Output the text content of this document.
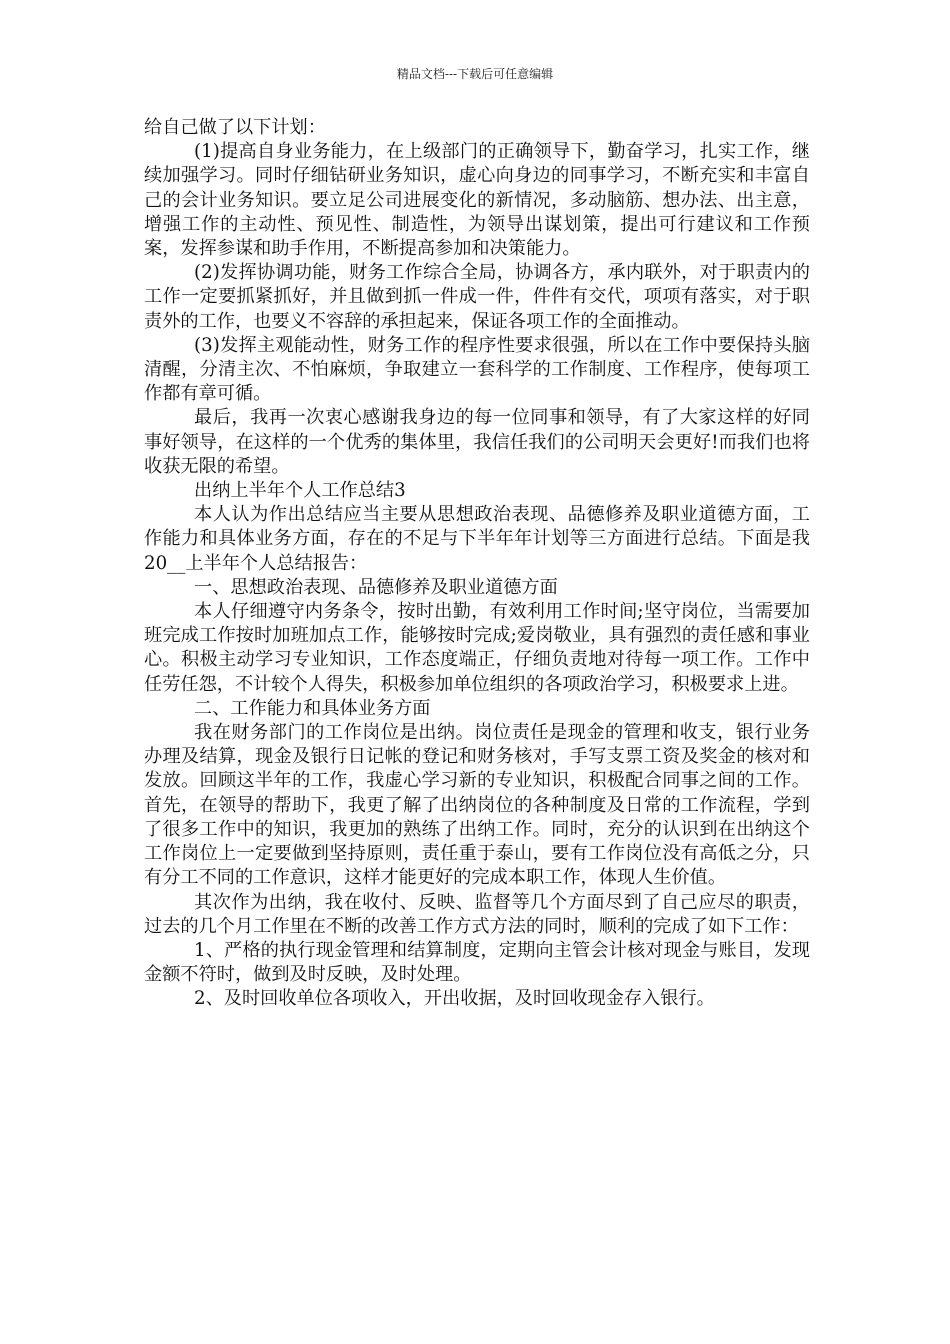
精品文档---下载后可任意编辑

给自己做了以下计划：

(1)提高自身业务能力，在上级部门的正确领导下，勤奋学习，扎实工作，继续加强学习。同时仔细钻研业务知识，虚心向身边的同事学习，不断充实和丰富自己的会计业务知识。要立足公司进展变化的新情况，多动脑筋、想办法、出主意，增强工作的主动性、预见性、制造性，为领导出谋划策，提出可行建议和工作预案，发挥参谋和助手作用，不断提高参加和决策能力。

(2)发挥协调功能，财务工作综合全局，协调各方，承内联外，对于职责内的工作一定要抓紧抓好，并且做到抓一件成一件，件件有交代，项项有落实，对于职责外的工作，也要义不容辞的承担起来，保证各项工作的全面推动。

(3)发挥主观能动性，财务工作的程序性要求很强，所以在工作中要保持头脑清醒，分清主次、不怕麻烦，争取建立一套科学的工作制度、工作程序，使每项工作都有章可循。

最后，我再一次衷心感谢我身边的每一位同事和领导，有了大家这样的好同事好领导，在这样的一个优秀的集体里，我信任我们的公司明天会更好!而我们也将收获无限的希望。

出纳上半年个人工作总结3

本人认为作出总结应当主要从思想政治表现、品德修养及职业道德方面，工作能力和具体业务方面，存在的不足与下半年年计划等三方面进行总结。下面是我20__上半年个人总结报告：

一、思想政治表现、品德修养及职业道德方面

本人仔细遵守内务条令，按时出勤，有效利用工作时间;坚守岗位，当需要加班完成工作按时加班加点工作，能够按时完成;爱岗敬业，具有强烈的责任感和事业心。积极主动学习专业知识，工作态度端正，仔细负责地对待每一项工作。工作中任劳任怨，不计较个人得失，积极参加单位组织的各项政治学习，积极要求上进。

二、工作能力和具体业务方面

我在财务部门的工作岗位是出纳。岗位责任是现金的管理和收支，银行业务办理及结算，现金及银行日记帐的登记和财务核对，手写支票工资及奖金的核对和发放。回顾这半年的工作，我虚心学习新的专业知识，积极配合同事之间的工作。首先，在领导的帮助下，我更了解了出纳岗位的各种制度及日常的工作流程，学到了很多工作中的知识，我更加的熟练了出纳工作。同时，充分的认识到在出纳这个工作岗位上一定要做到坚持原则，责任重于泰山，要有工作岗位没有高低之分，只有分工不同的工作意识，这样才能更好的完成本职工作，体现人生价值。

其次作为出纳，我在收付、反映、监督等几个方面尽到了自己应尽的职责，过去的几个月工作里在不断的改善工作方式方法的同时，顺利的完成了如下工作：

1、严格的执行现金管理和结算制度，定期向主管会计核对现金与账目，发现金额不符时，做到及时反映，及时处理。

2、及时回收单位各项收入，开出收据，及时回收现金存入银行。
